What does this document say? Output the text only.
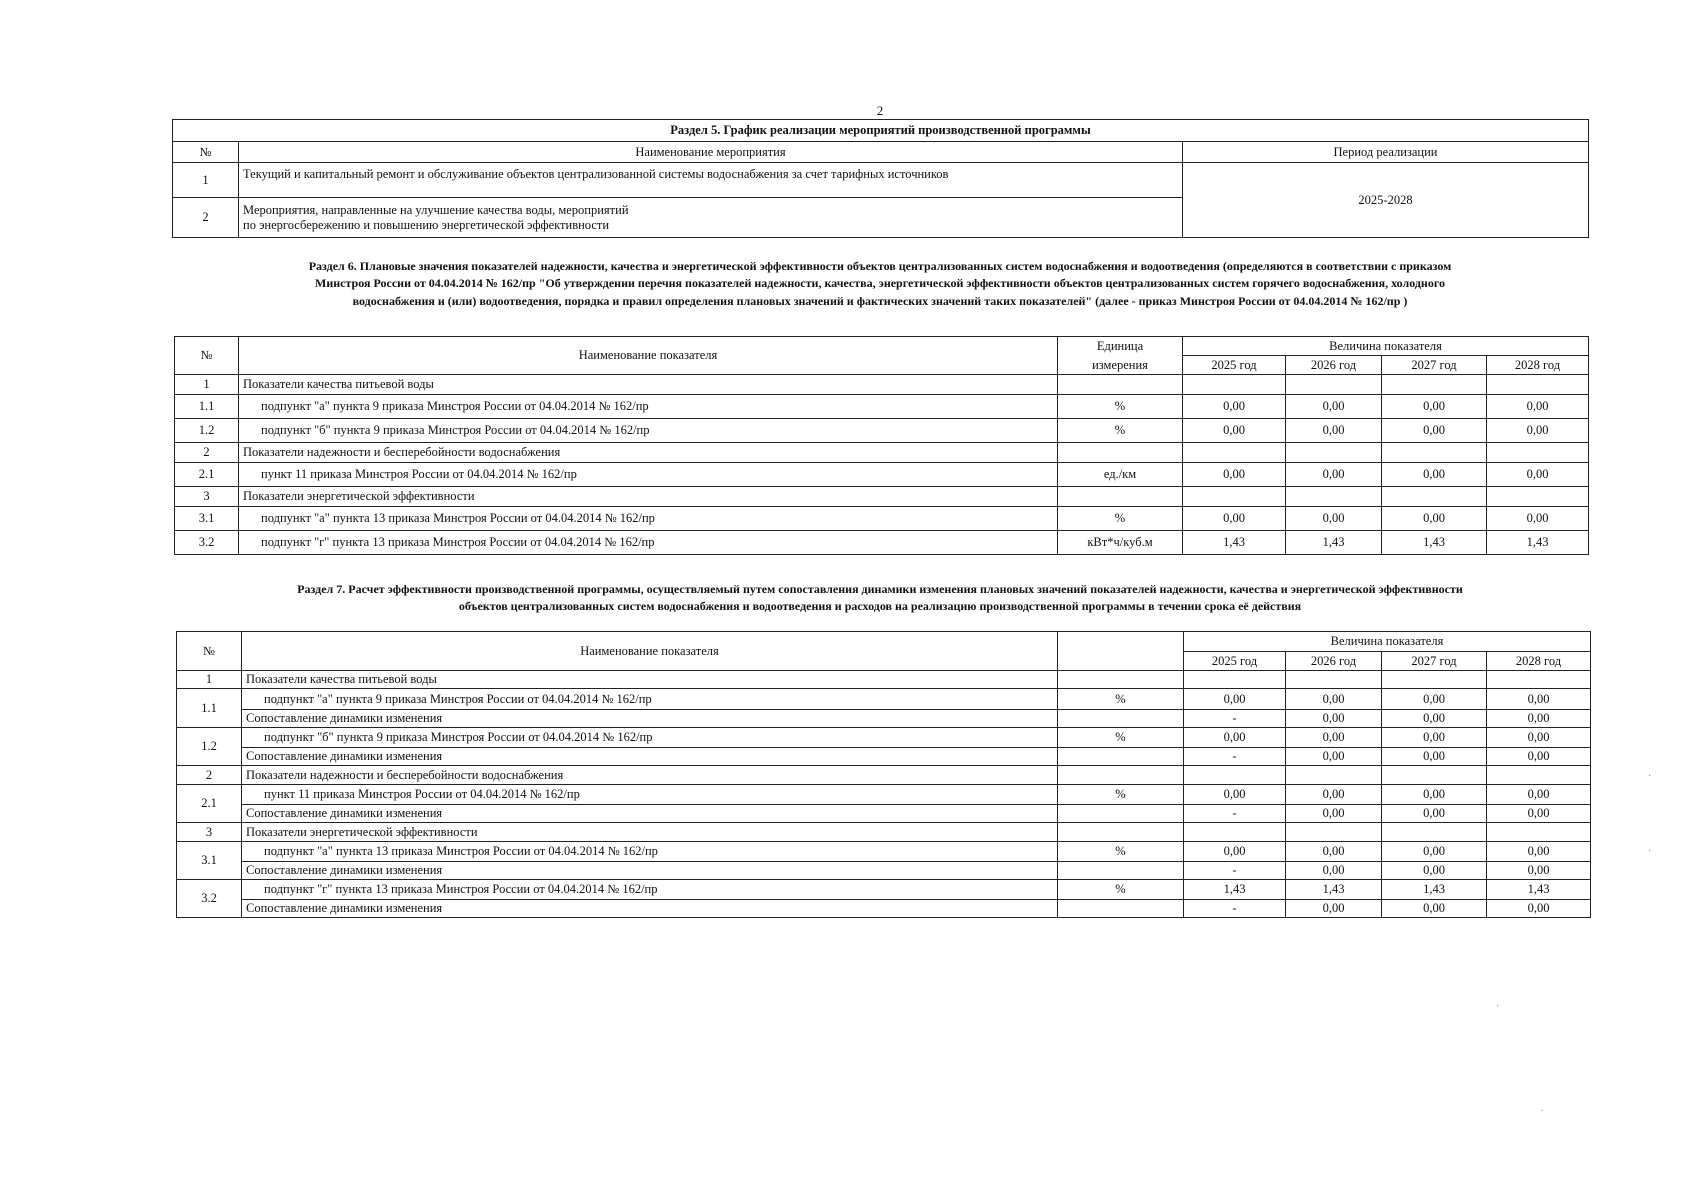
2
Раздел 5. График реализации мероприятий производственной программы		
№	Наименование мероприятия	Период реализации
1	Текущий и капитальный ремонт и обслуживание объектов централизованной системы водоснабжения за счет тарифных источников	2025-2028
2	Мероприятия, направленные на улучшение качества воды, мероприятий
по энергосбережению и повышению энергетической эффективности	
Раздел 6. Плановые значения показателей надежности, качества и энергетической эффективности объектов централизованных систем водоснабжения и водоотведения (определяются в соответствии с приказом
Минстроя России от 04.04.2014 № 162/пр "Об утверждении перечня показателей надежности, качества, энергетической эффективности объектов централизованных систем горячего водоснабжения, холодного
водоснабжения и (или) водоотведения, порядка и правил определения плановых значений и фактических значений таких показателей" (далее - приказ Минстроя России от 04.04.2014 № 162/пр )
№	Наименование показателя	Единица	Величина показателя			
		измерения	2025 год	2026 год	2027 год	2028 год
1	Показатели качества питьевой воды					
1.1	подпункт "а" пункта 9 приказа Минстроя России от 04.04.2014 № 162/пр	%	0,00	0,00	0,00	0,00
1.2	подпункт "б" пункта 9 приказа Минстроя России от 04.04.2014 № 162/пр	%	0,00	0,00	0,00	0,00
2	Показатели надежности и бесперебойности водоснабжения					
2.1	пункт 11 приказа Минстроя России от 04.04.2014 № 162/пр	ед./км	0,00	0,00	0,00	0,00
3	Показатели энергетической эффективности					
3.1	подпункт "а" пункта 13 приказа Минстроя России от 04.04.2014 № 162/пр	%	0,00	0,00	0,00	0,00
3.2	подпункт "г" пункта 13 приказа Минстроя России от 04.04.2014 № 162/пр	кВт*ч/куб.м	1,43	1,43	1,43	1,43
Раздел 7. Расчет эффективности производственной программы, осуществляемый путем сопоставления динамики изменения плановых значений показателей надежности, качества и энергетической эффективности
объектов централизованных систем водоснабжения и водоотведения и расходов на реализацию производственной программы в течении срока её действия
№	Наименование показателя		Величина показателя			
			2025 год	2026 год	2027 год	2028 год
1	Показатели качества питьевой воды					
1.1	подпункт "а" пункта 9 приказа Минстроя России от 04.04.2014 № 162/пр	%	0,00	0,00	0,00	0,00
	Сопоставление динамики изменения		-	0,00	0,00	0,00
1.2	подпункт "б" пункта 9 приказа Минстроя России от 04.04.2014 № 162/пр	%	0,00	0,00	0,00	0,00
	Сопоставление динамики изменения		-	0,00	0,00	0,00
2	Показатели надежности и бесперебойности водоснабжения					
2.1	пункт 11 приказа Минстроя России от 04.04.2014 № 162/пр	%	0,00	0,00	0,00	0,00
	Сопоставление динамики изменения		-	0,00	0,00	0,00
3	Показатели энергетической эффективности					
3.1	подпункт "а" пункта 13 приказа Минстроя России от 04.04.2014 № 162/пр	%	0,00	0,00	0,00	0,00
	Сопоставление динамики изменения		-	0,00	0,00	0,00
3.2	подпункт "г" пункта 13 приказа Минстроя России от 04.04.2014 № 162/пр	%	1,43	1,43	1,43	1,43
	Сопоставление динамики изменения		-	0,00	0,00	0,00
·
·
·
·
